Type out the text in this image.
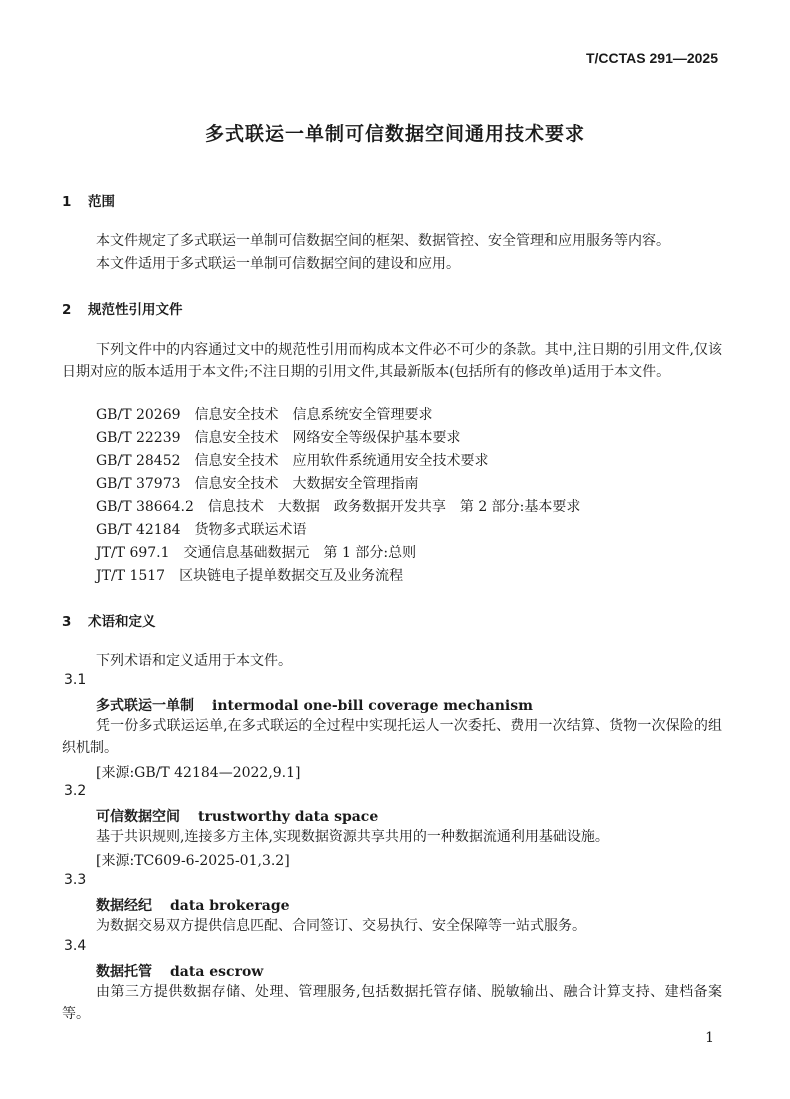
T/CCTAS 291—2025
多式联运一单制可信数据空间通用技术要求
1 范围
本文件规定了多式联运一单制可信数据空间的框架、数据管控、安全管理和应用服务等内容。
本文件适用于多式联运一单制可信数据空间的建设和应用。
2 规范性引用文件
下列文件中的内容通过文中的规范性引用而构成本文件必不可少的条款。其中,注日期的引用文件,仅该日期对应的版本适用于本文件;不注日期的引用文件,其最新版本(包括所有的修改单)适用于本文件。
GB/T 20269 信息安全技术　信息系统安全管理要求
GB/T 22239 信息安全技术　网络安全等级保护基本要求
GB/T 28452 信息安全技术　应用软件系统通用安全技术要求
GB/T 37973 信息安全技术　大数据安全管理指南
GB/T 38664.2 信息技术　大数据　政务数据开发共享　第 2 部分:基本要求
GB/T 42184 货物多式联运术语
JT/T 697.1 交通信息基础数据元　第 1 部分:总则
JT/T 1517 区块链电子提单数据交互及业务流程
3 术语和定义
下列术语和定义适用于本文件。
3.1
多式联运一单制 intermodal one-bill coverage mechanism
凭一份多式联运运单,在多式联运的全过程中实现托运人一次委托、费用一次结算、货物一次保险的组织机制。
[来源:GB/T 42184—2022,9.1]
3.2
可信数据空间 trustworthy data space
基于共识规则,连接多方主体,实现数据资源共享共用的一种数据流通利用基础设施。
[来源:TC609-6-2025-01,3.2]
3.3
数据经纪 data brokerage
为数据交易双方提供信息匹配、合同签订、交易执行、安全保障等一站式服务。
3.4
数据托管 data escrow
由第三方提供数据存储、处理、管理服务,包括数据托管存储、脱敏输出、融合计算支持、建档备案等。
1
